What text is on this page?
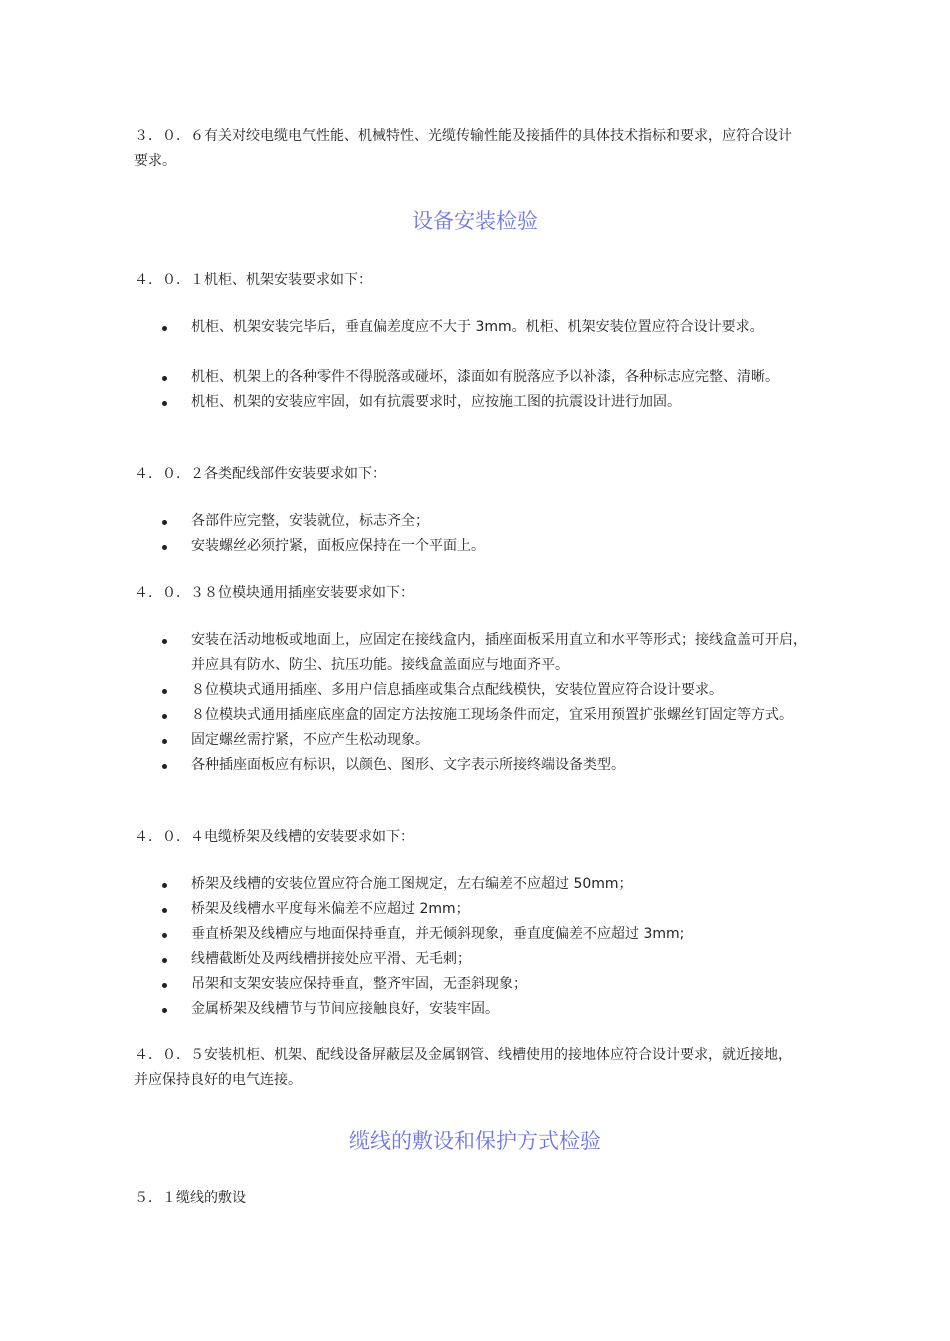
３．０．６有关对绞电缆电气性能、机械特性、光缆传输性能及接插件的具体技术指标和要求，应符合设计要求。

设备安装检验

４．０．１机柜、机架安装要求如下：

机柜、机架安装完毕后，垂直偏差度应不大于 3mm。机柜、机架安装位置应符合设计要求。
机柜、机架上的各种零件不得脱落或碰坏，漆面如有脱落应予以补漆，各种标志应完整、清晰。
机柜、机架的安装应牢固，如有抗震要求时，应按施工图的抗震设计进行加固。

４．０．２各类配线部件安装要求如下：

各部件应完整，安装就位，标志齐全；
安装螺丝必须拧紧，面板应保持在一个平面上。

４．０．３８位模块通用插座安装要求如下：

安装在活动地板或地面上，应固定在接线盒内，插座面板采用直立和水平等形式；接线盒盖可开启，并应具有防水、防尘、抗压功能。接线盒盖面应与地面齐平。
８位模块式通用插座、多用户信息插座或集合点配线模快，安装位置应符合设计要求。
８位模块式通用插座底座盒的固定方法按施工现场条件而定，宜采用预置扩张螺丝钉固定等方式。
固定螺丝需拧紧，不应产生松动现象。
各种插座面板应有标识，以颜色、图形、文字表示所接终端设备类型。

４．０．４电缆桥架及线槽的安装要求如下：

桥架及线槽的安装位置应符合施工图规定，左右编差不应超过 50mm；
桥架及线槽水平度每米偏差不应超过 2mm；
垂直桥架及线槽应与地面保持垂直，并无倾斜现象，垂直度偏差不应超过 3mm;
线槽截断处及两线槽拼接处应平滑、无毛刺；
吊架和支架安装应保持垂直，整齐牢固，无歪斜现象；
金属桥架及线槽节与节间应接触良好，安装牢固。

４．０．５安装机柜、机架、配线设备屏蔽层及金属钢管、线槽使用的接地体应符合设计要求，就近接地，并应保持良好的电气连接。

缆线的敷设和保护方式检验

５．１缆线的敷设
